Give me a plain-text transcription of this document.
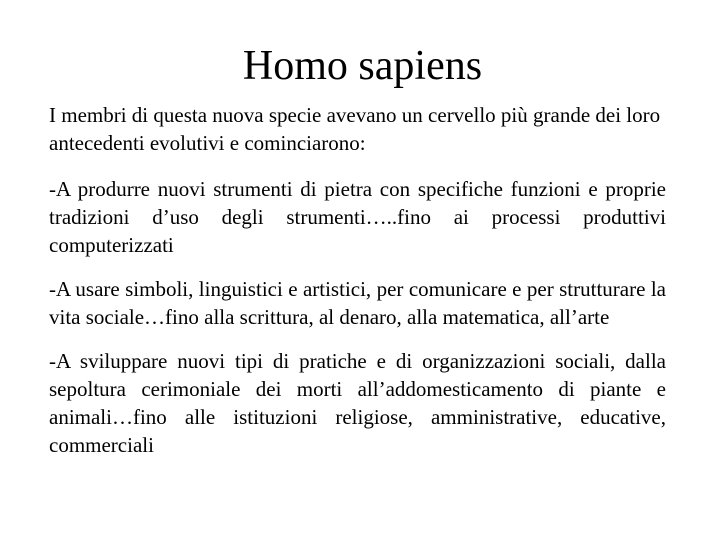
Homo sapiens
I membri di questa nuova specie avevano un cervello più grande dei loro antecedenti evolutivi e cominciarono:
-A produrre nuovi strumenti di pietra con specifiche funzioni e proprie tradizioni d’uso degli strumenti…..fino ai processi produttivi computerizzati
-A usare simboli, linguistici e artistici, per comunicare e per strutturare la vita sociale…fino alla scrittura, al denaro, alla matematica, all’arte
-A sviluppare nuovi tipi di pratiche e di organizzazioni sociali, dalla sepoltura cerimoniale dei morti all’addomesticamento di piante e animali…fino alle istituzioni religiose, amministrative, educative, commerciali
